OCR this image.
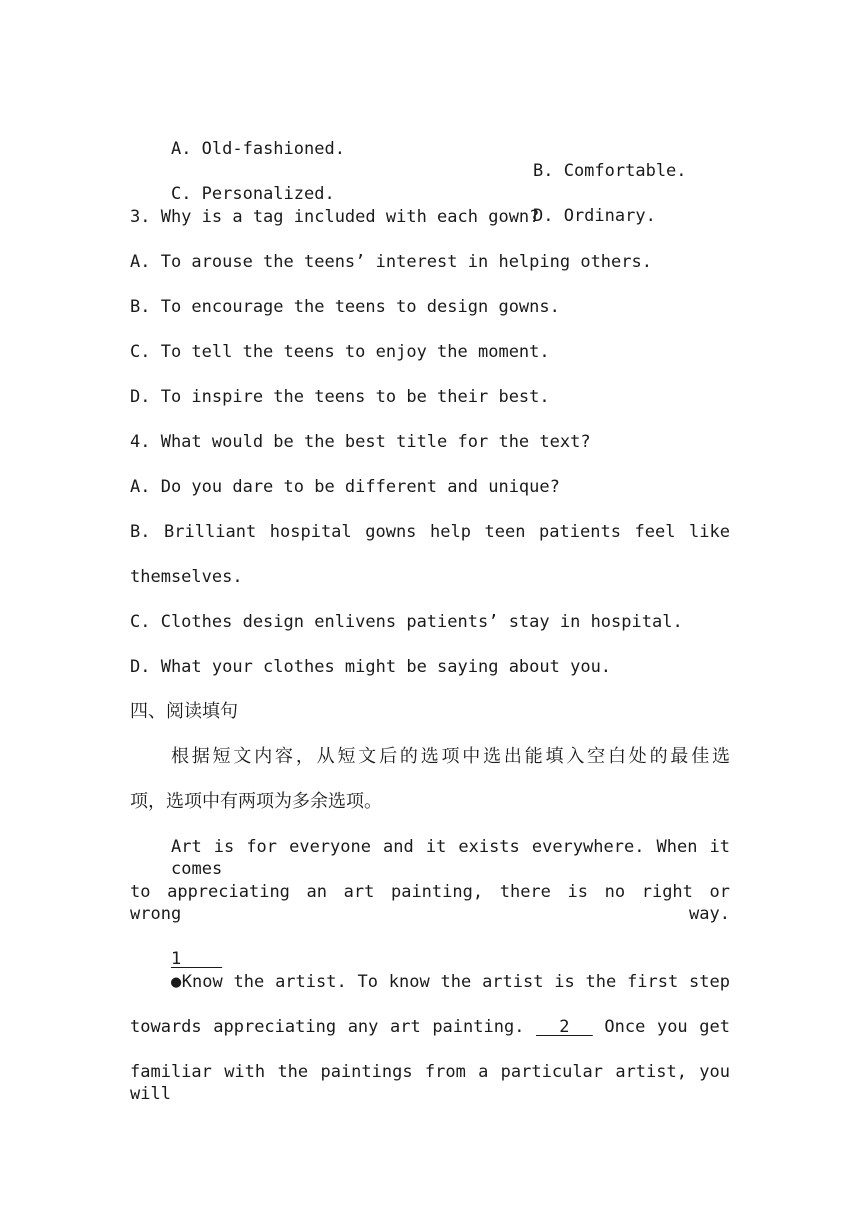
A. Old-fashioned.

B. Comfortable.

C. Personalized.

D. Ordinary.

3. Why is a tag included with each gown?
A. To arouse the teens’ interest in helping others.
B. To encourage the teens to design gowns.
C. To tell the teens to enjoy the moment.
D. To inspire the teens to be their best.
4. What would be the best title for the text?
A. Do you dare to be different and unique?
B. Brilliant hospital gowns help teen patients feel like
themselves.
C. Clothes design enlivens patients’ stay in hospital.
D. What your clothes might be saying about you.
四、阅读填句
根据短文内容，从短文后的选项中选出能填入空白处的最佳选
项，选项中有两项为多余选项。
Art is for everyone and it exists everywhere. When it comes
to appreciating an art painting, there is no right or wrong way.

1

●Know the artist. To know the artist is the first step
towards appreciating any art painting.   2   Once you get
familiar with the paintings from a particular artist, you will
